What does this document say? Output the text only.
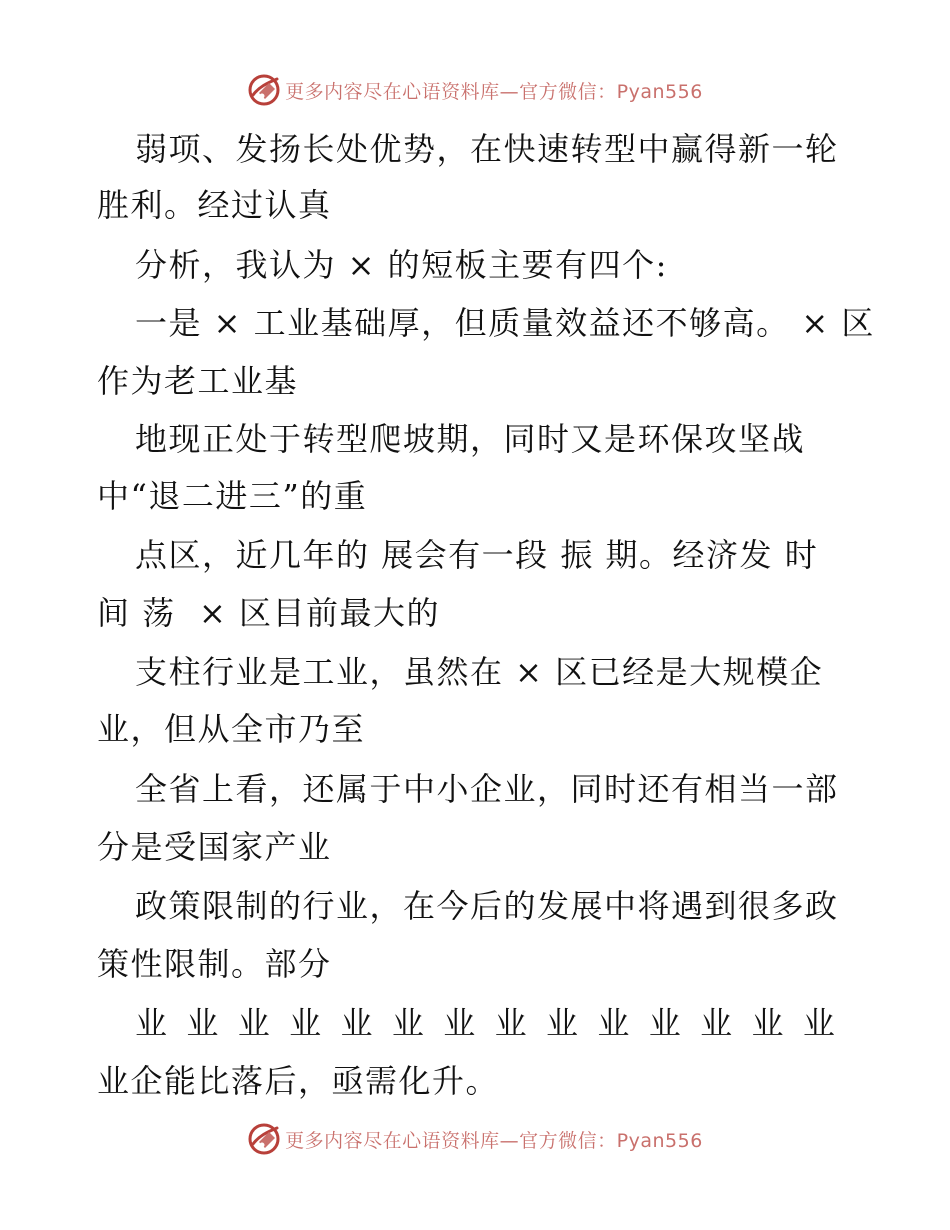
更多内容尽在心语资料库—官方微信：Pyan556
弱项、发扬长处优势，在快速转型中赢得新一轮
胜利。经过认真
分析，我认为 × 的短板主要有四个:
一是 × 工业基础厚，但质量效益还不够高。 × 区
作为老工业基
地现正处于转型爬坡期，同时又是环保攻坚战
中“退二进三”的重
点区，近几年的 展会有一段 振 期。经济发 时
间 荡  × 区目前最大的
支柱行业是工业，虽然在 × 区已经是大规模企
业，但从全市乃至
全省上看，还属于中小企业，同时还有相当一部
分是受国家产业
政策限制的行业，在今后的发展中将遇到很多政
策性限制。部分
业 业 业 业 业 业 业 业 业 业 业 业 业 业
业企能比落后，亟需化升。
更多内容尽在心语资料库—官方微信：Pyan556
